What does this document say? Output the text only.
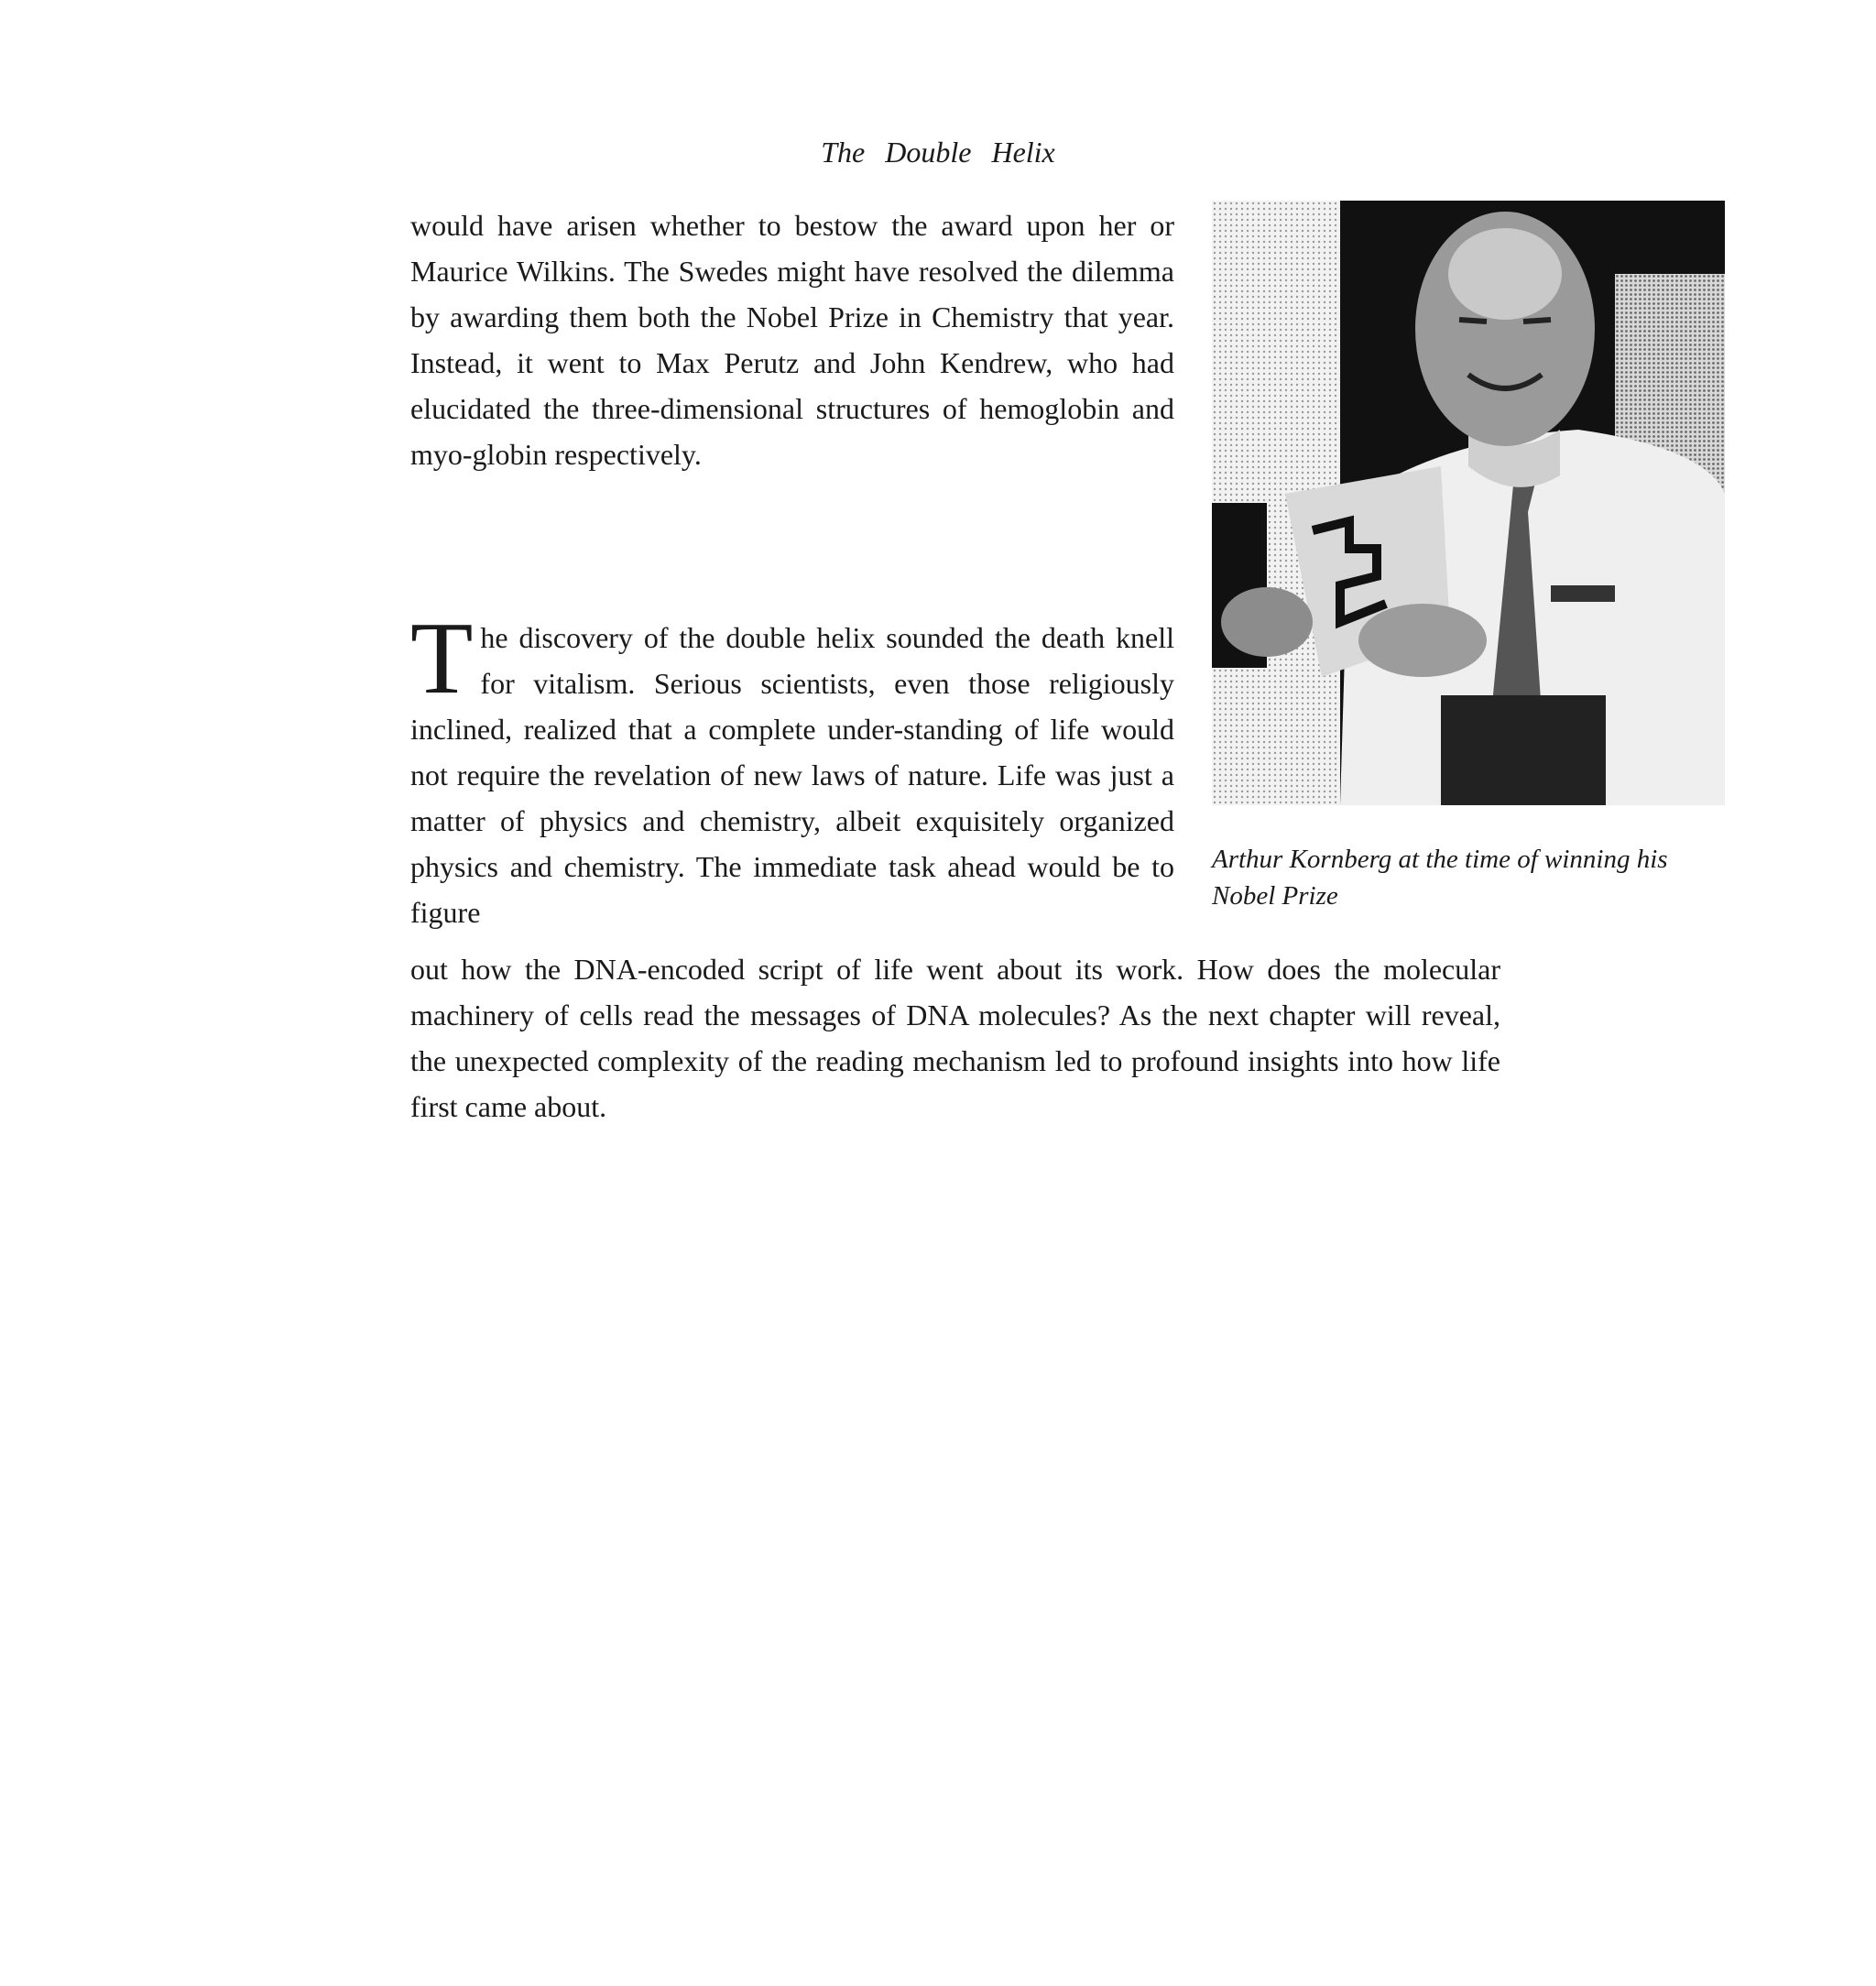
The Double Helix

would have arisen whether to bestow the award upon her or Maurice Wilkins. The Swedes might have resolved the dilemma by awarding them both the Nobel Prize in Chemistry that year. Instead, it went to Max Perutz and John Kendrew, who had elucidated the three-dimensional structures of hemoglobin and myo-globin respectively.

T he discovery of the double helix sounded the death knell for vitalism. Serious scientists, even those religiously inclined, realized that a complete under-standing of life would not require the revelation of new laws of nature. Life was just a matter of physics and chemistry, albeit exquisitely organized physics and chemistry. The immediate task ahead would be to figure

out how the DNA-encoded script of life went about its work. How does the molecular machinery of cells read the messages of DNA molecules? As the next chapter will reveal, the unexpected complexity of the reading mechanism led to profound insights into how life first came about.

Arthur Kornberg at the time of winning his Nobel Prize
